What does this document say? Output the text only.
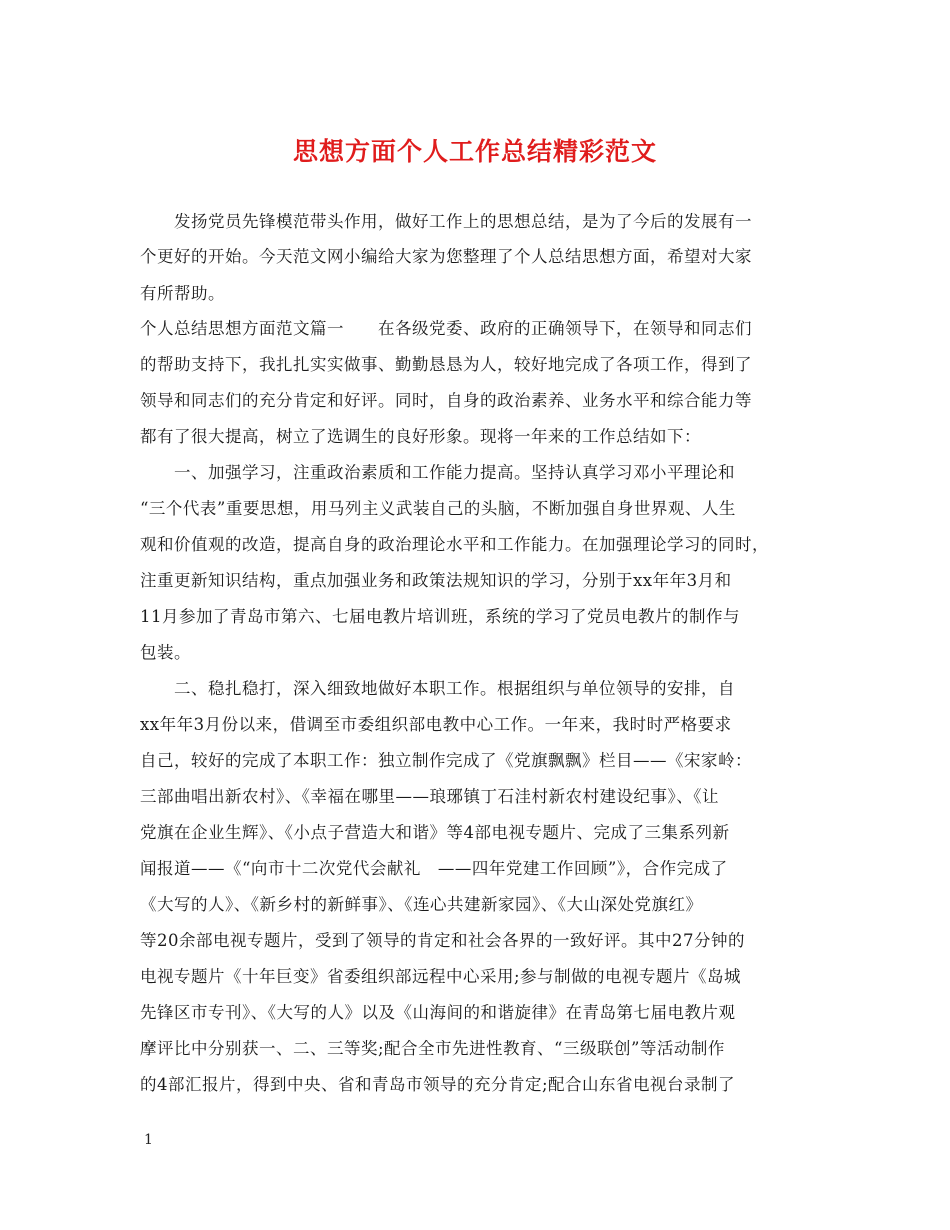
思想方面个人工作总结精彩范文
发扬党员先锋模范带头作用，做好工作上的思想总结，是为了今后的发展有一
个更好的开始。今天范文网小编给大家为您整理了个人总结思想方面，希望对大家
有所帮助。
个人总结思想方面范文篇一　　在各级党委、政府的正确领导下，在领导和同志们
的帮助支持下，我扎扎实实做事、勤勤恳恳为人，较好地完成了各项工作，得到了
领导和同志们的充分肯定和好评。同时，自身的政治素养、业务水平和综合能力等
都有了很大提高，树立了选调生的良好形象。现将一年来的工作总结如下：
一、加强学习，注重政治素质和工作能力提高。坚持认真学习邓小平理论和
“三个代表”重要思想，用马列主义武装自己的头脑，不断加强自身世界观、人生
观和价值观的改造，提高自身的政治理论水平和工作能力。在加强理论学习的同时，
注重更新知识结构，重点加强业务和政策法规知识的学习，分别于xx年年3月和
11月参加了青岛市第六、七届电教片培训班，系统的学习了党员电教片的制作与
包装。
二、稳扎稳打，深入细致地做好本职工作。根据组织与单位领导的安排，自
xx年年3月份以来，借调至市委组织部电教中心工作。一年来，我时时严格要求
自己，较好的完成了本职工作：独立制作完成了《党旗飘飘》栏目——《宋家岭：
三部曲唱出新农村》、《幸福在哪里——琅琊镇丁石洼村新农村建设纪事》、《让
党旗在企业生辉》、《小点子营造大和谐》等4部电视专题片、完成了三集系列新
闻报道——《“向市十二次党代会献礼　——四年党建工作回顾”》，合作完成了
《大写的人》、《新乡村的新鲜事》、《连心共建新家园》、《大山深处党旗红》
等20余部电视专题片，受到了领导的肯定和社会各界的一致好评。其中27分钟的
电视专题片《十年巨变》省委组织部远程中心采用;参与制做的电视专题片《岛城
先锋区市专刊》、《大写的人》以及《山海间的和谐旋律》在青岛第七届电教片观
摩评比中分别获一、二、三等奖;配合全市先进性教育、“三级联创”等活动制作
的4部汇报片，得到中央、省和青岛市领导的充分肯定;配合山东省电视台录制了
1
